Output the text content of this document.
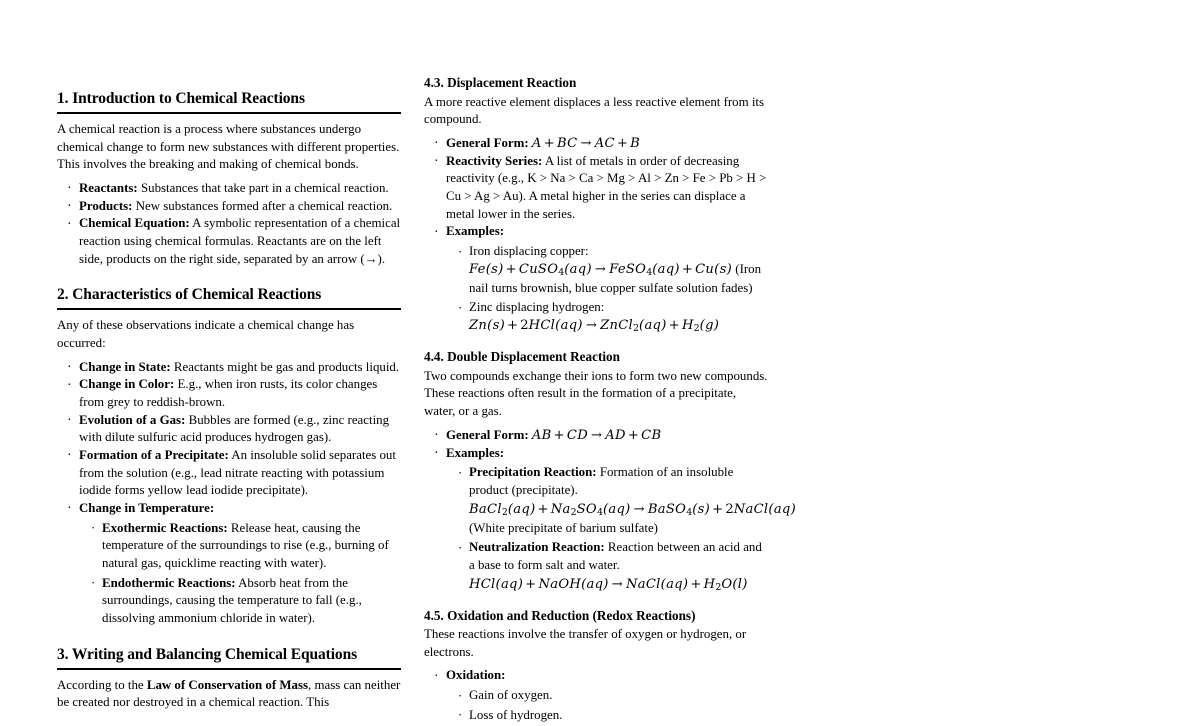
1. Introduction to Chemical Reactions

A chemical reaction is a process where substances undergo chemical change to form new substances with different properties. This involves the breaking and making of chemical bonds.

· Reactants: Substances that take part in a chemical reaction.
· Products: New substances formed after a chemical reaction.
· Chemical Equation: A symbolic representation of a chemical reaction using chemical formulas. Reactants are on the left side, products on the right side, separated by an arrow (→).
2. Characteristics of Chemical Reactions

Any of these observations indicate a chemical change has occurred:

· Change in State: Reactants might be gas and products liquid.
· Change in Color: E.g., when iron rusts, its color changes from grey to reddish-brown.
· Evolution of a Gas: Bubbles are formed (e.g., zinc reacting with dilute sulfuric acid produces hydrogen gas).
· Formation of a Precipitate: An insoluble solid separates out from the solution (e.g., lead nitrate reacting with potassium iodide forms yellow lead iodide precipitate).
· Change in Temperature:
· Exothermic Reactions: Release heat, causing the temperature of the surroundings to rise (e.g., burning of natural gas, quicklime reacting with water).
· Endothermic Reactions: Absorb heat from the surroundings, causing the temperature to fall (e.g., dissolving ammonium chloride in water).
3. Writing and Balancing Chemical Equations

According to the Law of Conservation of Mass, mass can neither be created nor destroyed in a chemical reaction. This

4.3. Displacement Reaction

A more reactive element displaces a less reactive element from its compound.

· General Form: A + BC → AC + B
· Reactivity Series: A list of metals in order of decreasing reactivity (e.g., K > Na > Ca > Mg > Al > Zn > Fe > Pb > H > Cu > Ag > Au). A metal higher in the series can displace a metal lower in the series.
· Examples:
· Iron displacing copper: Fe(s) + CuSO$_4$(aq) → FeSO$_4$(aq) + Cu(s) (Iron nail turns brownish, blue copper sulfate solution fades)
· Zinc displacing hydrogen: Zn(s) + 2HCl(aq) → ZnCl$_2$(aq) + $H_2(g)$
4.4. Double Displacement Reaction

Two compounds exchange their ions to form two new compounds. These reactions often result in the formation of a precipitate, water, or a gas.

· General Form: AB + CD → AD + CB
· Examples:
· Precipitation Reaction: Formation of an insoluble product (precipitate).
BaCl$_2$(aq) + $Na_2SO_4(aq)$ → BaSO$_4$(s) + 2NaCl(aq)
(White precipitate of barium sulfate)
· Neutralization Reaction: Reaction between an acid and a base to form salt and water.
HCl(aq) + NaOH(aq) → NaCl(aq) + $H_2O(l)$
4.5. Oxidation and Reduction (Redox Reactions)

These reactions involve the transfer of oxygen or hydrogen, or electrons.

· Oxidation:
· Gain of oxygen.
· Loss of hydrogen.
